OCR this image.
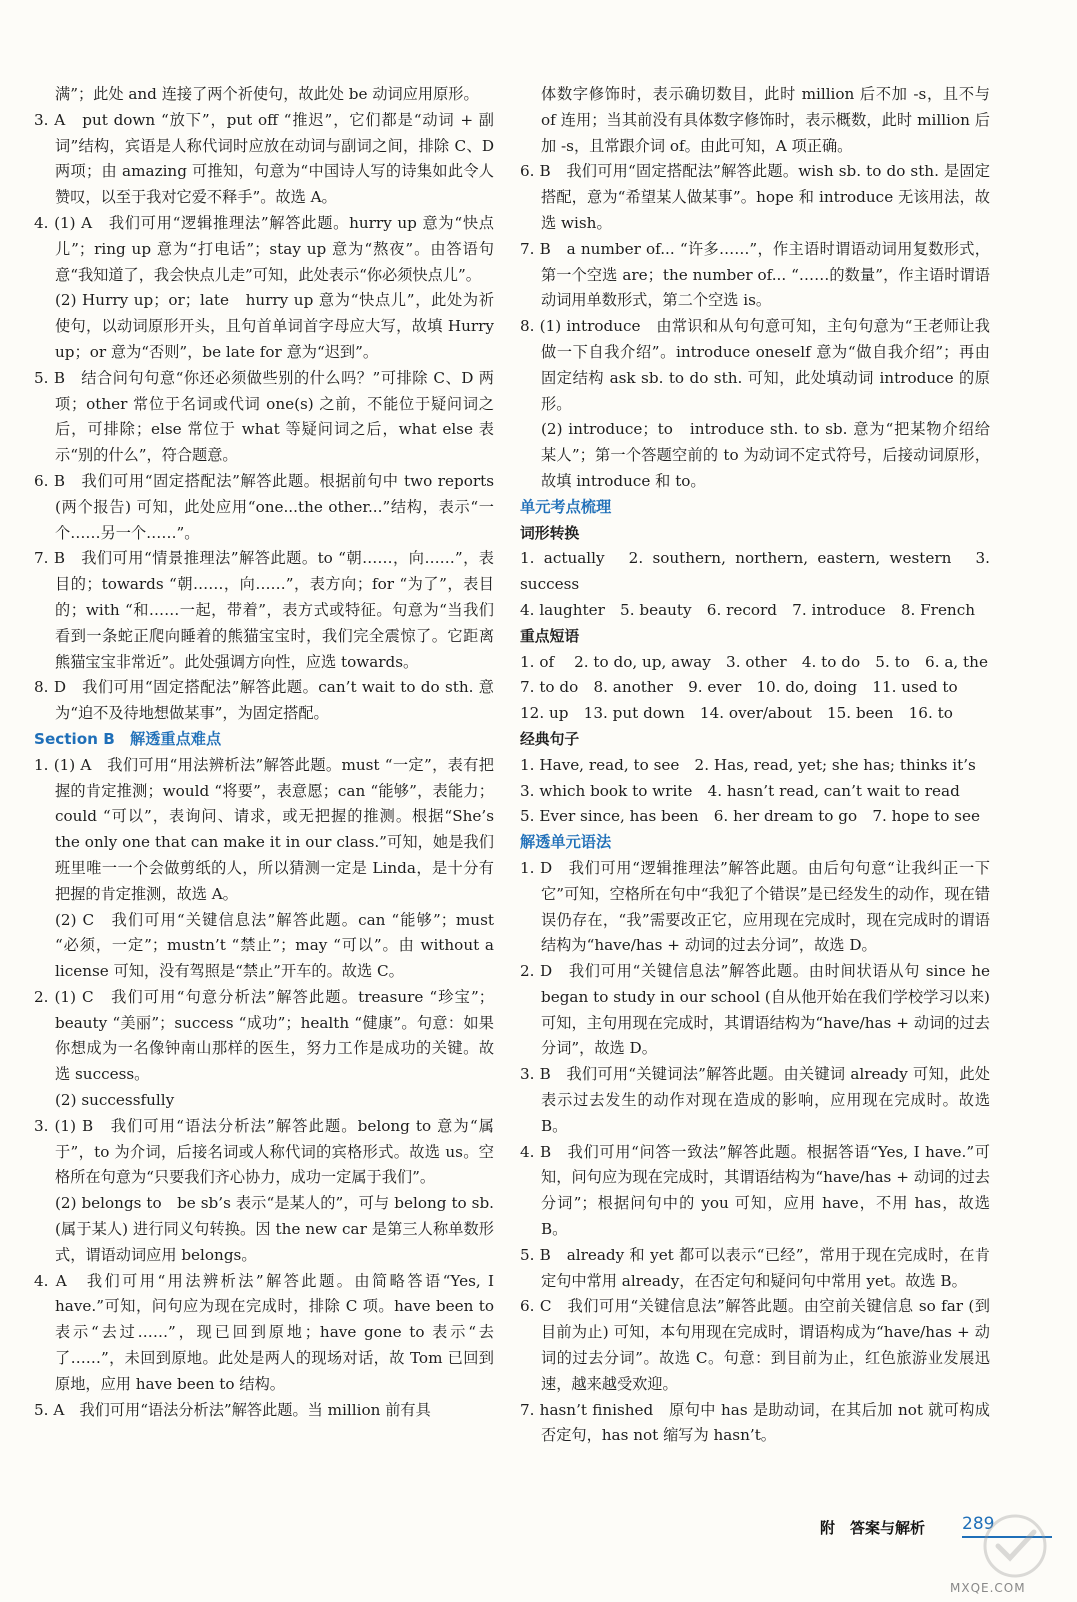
满”；此处 and 连接了两个祈使句，故此处 be 动词应用原形。

3. A　put down “放下”，put off “推迟”，它们都是“动词 + 副词”结构，宾语是人称代词时应放在动词与副词之间，排除 C、D 两项；由 amazing 可推知，句意为“中国诗人写的诗集如此令人赞叹，以至于我对它爱不释手”。故选 A。

4. (1) A　我们可用“逻辑推理法”解答此题。hurry up 意为“快点儿”；ring up 意为“打电话”；stay up 意为“熬夜”。由答语句意“我知道了，我会快点儿走”可知，此处表示“你必须快点儿”。

(2) Hurry up；or；late　hurry up 意为“快点儿”，此处为祈使句，以动词原形开头，且句首单词首字母应大写，故填 Hurry up；or 意为“否则”，be late for 意为“迟到”。

5. B　结合问句句意“你还必须做些别的什么吗？”可排除 C、D 两项；other 常位于名词或代词 one(s) 之前，不能位于疑问词之后，可排除；else 常位于 what 等疑问词之后，what else 表示“别的什么”，符合题意。

6. B　我们可用“固定搭配法”解答此题。根据前句中 two reports (两个报告) 可知，此处应用“one...the other...”结构，表示“一个……另一个……”。

7. B　我们可用“情景推理法”解答此题。to “朝……，向……”，表目的；towards “朝……，向……”，表方向；for “为了”，表目的；with “和……一起，带着”，表方式或特征。句意为“当我们看到一条蛇正爬向睡着的熊猫宝宝时，我们完全震惊了。它距离熊猫宝宝非常近”。此处强调方向性，应选 towards。

8. D　我们可用“固定搭配法”解答此题。can’t wait to do sth. 意为“迫不及待地想做某事”，为固定搭配。

Section B　解透重点难点

1. (1) A　我们可用“用法辨析法”解答此题。must “一定”，表有把握的肯定推测；would “将要”，表意愿；can “能够”，表能力；could “可以”，表询问、请求，或无把握的推测。根据“She’s the only one that can make it in our class.”可知，她是我们班里唯一一个会做剪纸的人，所以猜测一定是 Linda，是十分有把握的肯定推测，故选 A。

(2) C　我们可用“关键信息法”解答此题。can “能够”；must “必须，一定”；mustn’t “禁止”；may “可以”。由 without a license 可知，没有驾照是“禁止”开车的。故选 C。

2. (1) C　我们可用“句意分析法”解答此题。treasure “珍宝”；beauty “美丽”；success “成功”；health “健康”。句意：如果你想成为一名像钟南山那样的医生，努力工作是成功的关键。故选 success。

(2) successfully

3. (1) B　我们可用“语法分析法”解答此题。belong to 意为“属于”，to 为介词，后接名词或人称代词的宾格形式。故选 us。空格所在句意为“只要我们齐心协力，成功一定属于我们”。

(2) belongs to　be sb’s 表示“是某人的”，可与 belong to sb. (属于某人) 进行同义句转换。因 the new car 是第三人称单数形式，谓语动词应用 belongs。

4. A　我们可用“用法辨析法”解答此题。由简略答语“Yes, I have.”可知，问句应为现在完成时，排除 C 项。have been to 表示“去过……”，现已回到原地；have gone to 表示“去了……”，未回到原地。此处是两人的现场对话，故 Tom 已回到原地，应用 have been to 结构。

5. A　我们可用“语法分析法”解答此题。当 million 前有具

体数字修饰时，表示确切数目，此时 million 后不加 -s，且不与 of 连用；当其前没有具体数字修饰时，表示概数，此时 million 后加 -s，且常跟介词 of。由此可知，A 项正确。

6. B　我们可用“固定搭配法”解答此题。wish sb. to do sth. 是固定搭配，意为“希望某人做某事”。hope 和 introduce 无该用法，故选 wish。

7. B　a number of... “许多……”，作主语时谓语动词用复数形式，第一个空选 are；the number of... “……的数量”，作主语时谓语动词用单数形式，第二个空选 is。

8. (1) introduce　由常识和从句句意可知，主句句意为“王老师让我做一下自我介绍”。introduce oneself 意为“做自我介绍”；再由固定结构 ask sb. to do sth. 可知，此处填动词 introduce 的原形。

(2) introduce；to　introduce sth. to sb. 意为“把某物介绍给某人”；第一个答题空前的 to 为动词不定式符号，后接动词原形，故填 introduce 和 to。

单元考点梳理

词形转换

1. actually　2. southern, northern, eastern, western　3. success

4. laughter　5. beauty　6. record　7. introduce　8. French

重点短语

1. of　 2. to do, up, away　3. other　4. to do　5. to　6. a, the

7. to do　8. another　9. ever　10. do, doing　11. used to

12. up　13. put down　14. over/about　15. been　16. to

经典句子

1. Have, read, to see　2. Has, read, yet; she has; thinks it’s

3. which book to write　4. hasn’t read, can’t wait to read

5. Ever since, has been　6. her dream to go　7. hope to see

解透单元语法

1. D　我们可用“逻辑推理法”解答此题。由后句句意“让我纠正一下它”可知，空格所在句中“我犯了个错误”是已经发生的动作，现在错误仍存在，“我”需要改正它，应用现在完成时，现在完成时的谓语结构为“have/has + 动词的过去分词”，故选 D。

2. D　我们可用“关键信息法”解答此题。由时间状语从句 since he began to study in our school (自从他开始在我们学校学习以来) 可知，主句用现在完成时，其谓语结构为“have/has + 动词的过去分词”，故选 D。

3. B　我们可用“关键词法”解答此题。由关键词 already 可知，此处表示过去发生的动作对现在造成的影响，应用现在完成时。故选 B。

4. B　我们可用“问答一致法”解答此题。根据答语“Yes, I have.”可知，问句应为现在完成时，其谓语结构为“have/has + 动词的过去分词”；根据问句中的 you 可知，应用 have，不用 has，故选 B。

5. B　already 和 yet 都可以表示“已经”，常用于现在完成时，在肯定句中常用 already，在否定句和疑问句中常用 yet。故选 B。

6. C　我们可用“关键信息法”解答此题。由空前关键信息 so far (到目前为止) 可知，本句用现在完成时，谓语构成为“have/has + 动词的过去分词”。故选 C。句意：到目前为止，红色旅游业发展迅速，越来越受欢迎。

7. hasn’t finished　原句中 has 是助动词，在其后加 not 就可构成否定句，has not 缩写为 hasn’t。

附　答案与解析 289
MXQE.COM
